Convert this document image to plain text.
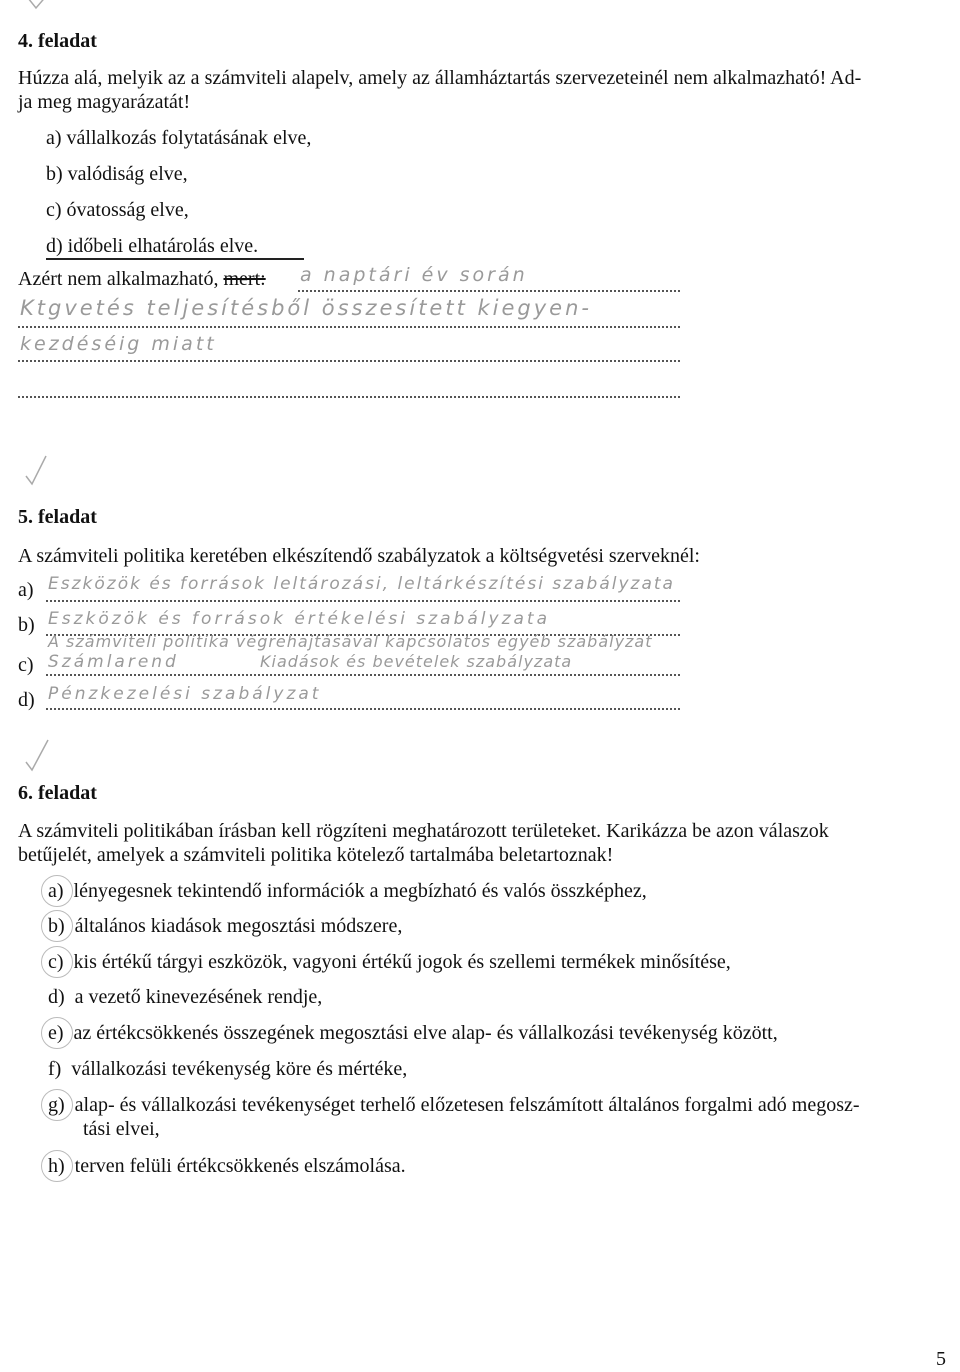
4. feladat
Húzza alá, melyik az a számviteli alapelv, amely az államháztartás szervezeteinél nem alkalmazható! Ad-
ja meg magyarázatát!
a) vállalkozás folytatásának elve,
b) valódiság elve,
c) óvatosság elve,
d) időbeli elhatárolás elve.
Azért nem alkalmazható, mert: a naptári év során
Ktgvetés teljesítésből összesített kiegyen-
kezdéséig miatt
5. feladat
A számviteli politika keretében elkészítendő szabályzatok a költségvetési szerveknél:
a) Eszközök és források leltározási, leltárkészítési szabályzata
b) Eszközök és források értékelési szabályzata
A számviteli politika végrehajtásával kapcsolatos egyéb szabályzat
c) Számlarend	Kiadások és bevételek szabályzata
d) Pénzkezelési szabályzat
6. feladat
A számviteli politikában írásban kell rögzíteni meghatározott területeket. Karikázza be azon válaszok
betűjelét, amelyek a számviteli politika kötelező tartalmába beletartoznak!
a) lényegesnek tekintendő információk a megbízható és valós összképhez,
b) általános kiadások megosztási módszere,
c) kis értékű tárgyi eszközök, vagyoni értékű jogok és szellemi termékek minősítése,
d) a vezető kinevezésének rendje,
e) az értékcsökkenés összegének megosztási elve alap- és vállalkozási tevékenység között,
f) vállalkozási tevékenység köre és mértéke,
g) alap- és vállalkozási tevékenységet terhelő előzetesen felszámított általános forgalmi adó megosz-
tási elvei,
h) terven felüli értékcsökkenés elszámolása.
5
